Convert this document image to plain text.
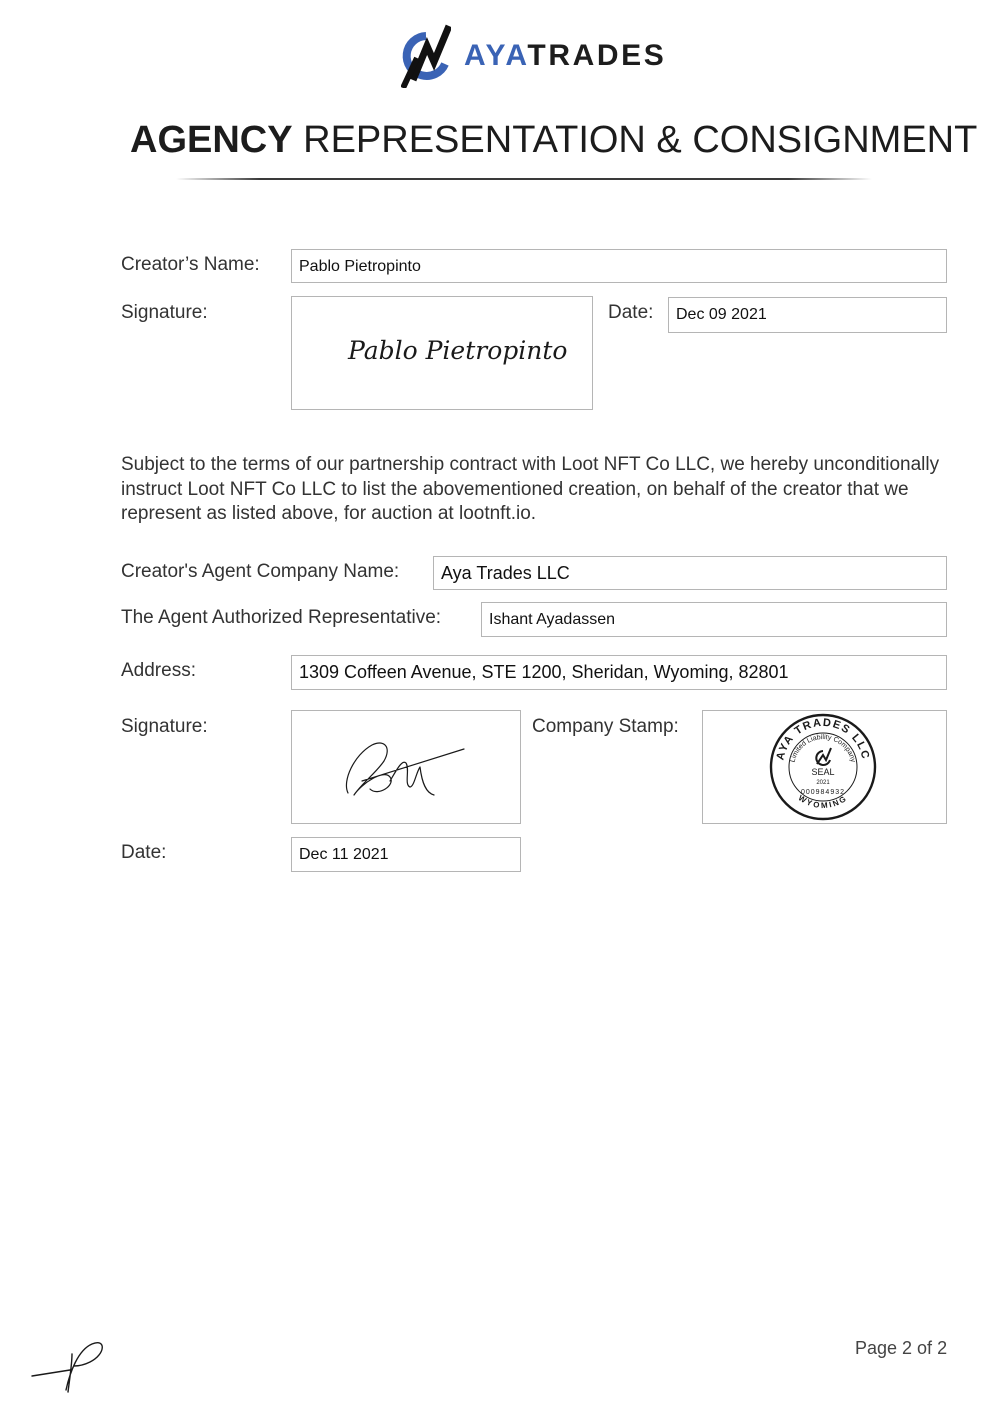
AYATRADES
AGENCY REPRESENTATION & CONSIGNMENT
Creator’s Name:	Pablo Pietropinto
Signature:
Pablo Pietropinto
Date:	Dec 09 2021
Subject to the terms of our partnership contract with Loot NFT Co LLC, we hereby unconditionally instruct Loot NFT Co LLC to list the abovementioned creation, on behalf of the creator that we represent as listed above, for auction at lootnft.io.
Creator's Agent Company Name:	Aya Trades LLC
The Agent Authorized Representative:	Ishant Ayadassen
Address:	1309 Coffeen Avenue, STE 1200, Sheridan, Wyoming, 82801
Signature:	Company Stamp:
AYA TRADES LLC
Limited Liability Company
WYOMING
SEAL
2021
000984932
Date:	Dec 11 2021
Page 2 of 2
